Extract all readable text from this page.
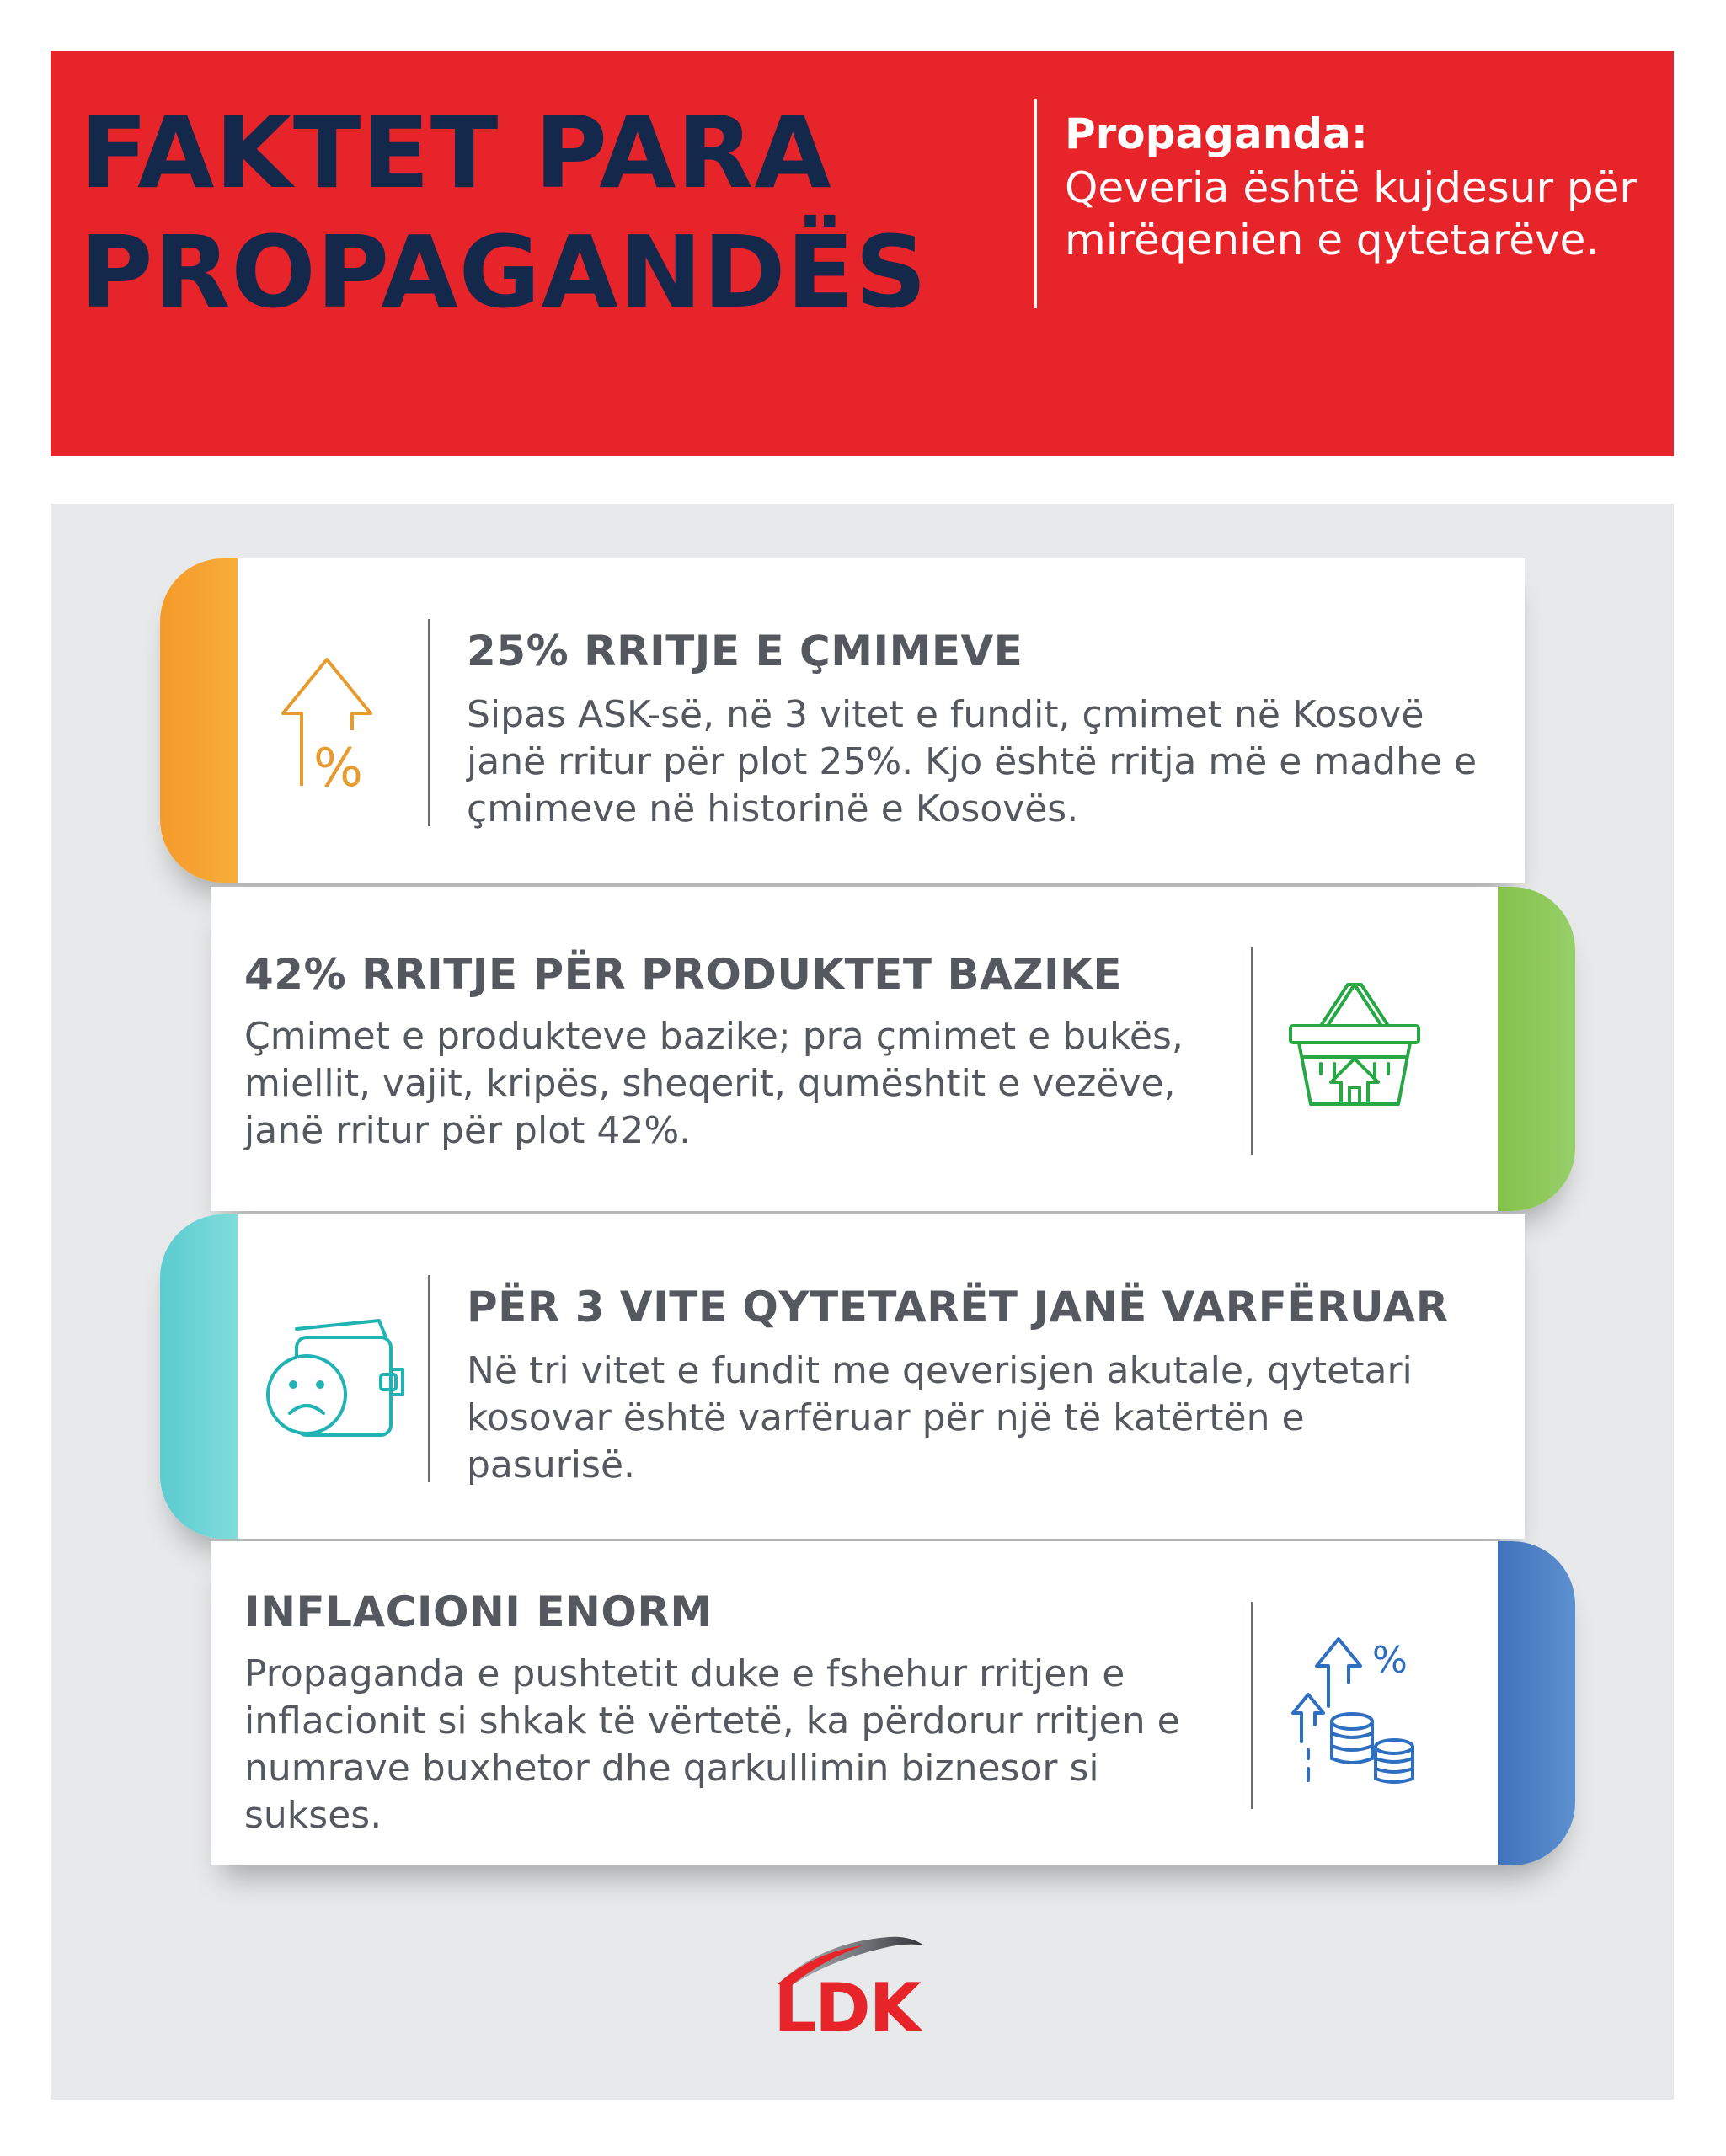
FAKTET PARA
PROPAGANDËS
Propaganda:
Qeveria është kujdesur për mirëqenien e qytetarëve.
%
25% RRITJE E ÇMIMEVE
Sipas ASK-së, në 3 vitet e fundit, çmimet në Kosovë janë rritur për plot 25%. Kjo është rritja më e madhe e çmimeve në historinë e Kosovës.
42% RRITJE PËR PRODUKTET BAZIKE
Çmimet e produkteve bazike; pra çmimet e bukës, miellit, vajit, kripës, sheqerit, qumështit e vezëve, janë rritur për plot 42%.
PËR 3 VITE QYTETARËT JANË VARFËRUAR
Në tri vitet e fundit me qeverisjen akutale, qytetari kosovar është varfëruar për një të katërtën e pasurisë.
%
INFLACIONI ENORM
Propaganda e pushtetit duke e fshehur rritjen e inflacionit si shkak të vërtetë, ka përdorur rritjen e numrave buxhetor dhe qarkullimin biznesor si sukses.
LDK
